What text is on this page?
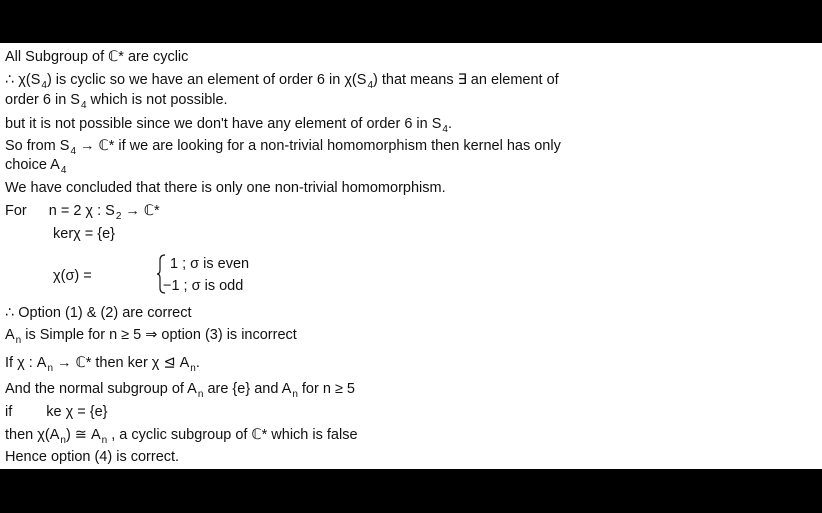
All Subgroup of ℂ* are cyclic
∴ $\chi(S_4)$ is cyclic so we have an element of order 6 in $\chi(S_4)$ that means ∃ an element of
order 6 in $S_4$ which is not possible.
but it is not possible since we don't have any element of order 6 in $S_4$.
So from $S_4$ → ℂ* if we are looking for a non-trivial homomorphism then kernel has only
choice $A_4$
We have concluded that there is only one non-trivial homomorphism.
For n = 2 χ : $S_2$ → ℂ*
kerχ = {e}
χ(σ) =
1 ; σ is even
−1 ; σ is odd
∴ Option (1) & (2) are correct
$A_n$ is Simple for n ≥ 5 ⇒ option (3) is incorrect
If χ : $A_n$ → ℂ* then ker χ ⊴ $A_n$.
And the normal subgroup of $A_n$ are {e} and $A_n$ for n ≥ 5
if ke χ = {e}
then $\chi(A_n)$ ≅ $A_n$ , a cyclic subgroup of ℂ* which is false
Hence option (4) is correct.
